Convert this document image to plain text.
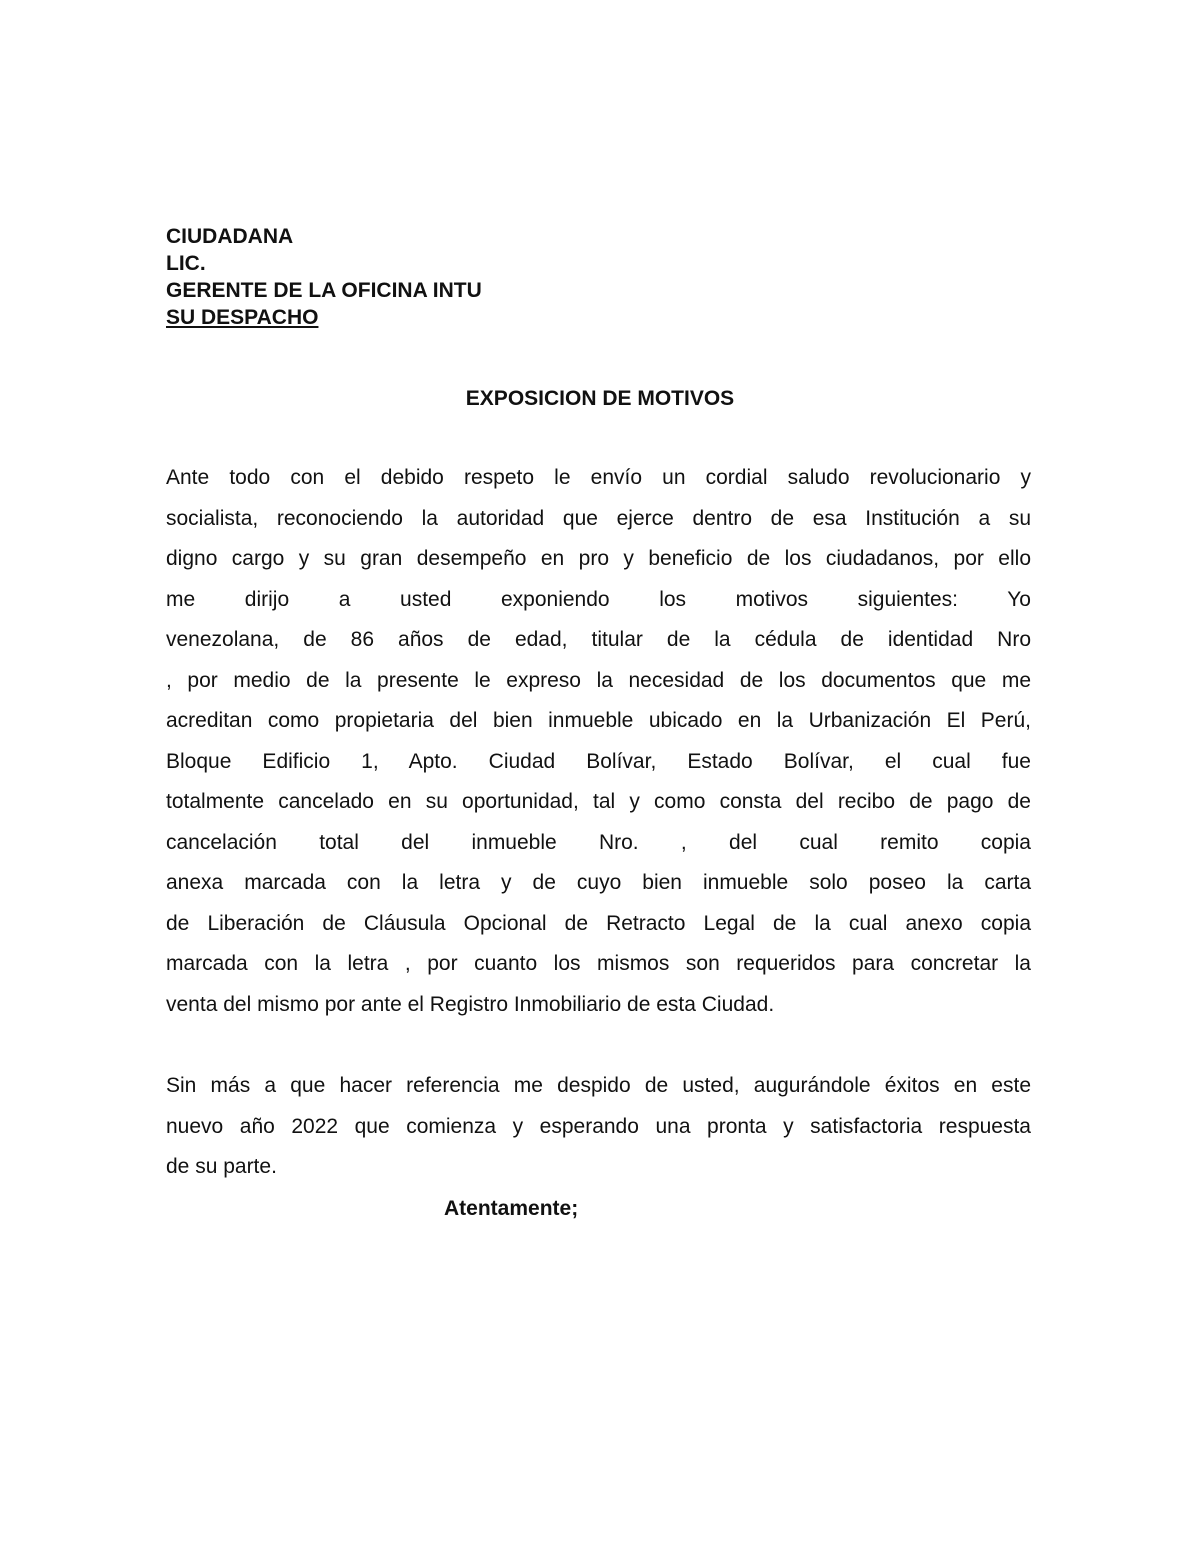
CIUDADANA
LIC.
GERENTE DE LA OFICINA INTU
SU DESPACHO
EXPOSICION DE MOTIVOS
Ante todo con el debido respeto le envío un cordial saludo revolucionario y
socialista, reconociendo la autoridad que ejerce dentro de esa Institución a su
digno cargo y su gran desempeño en pro y beneficio de los ciudadanos, por ello
me dirijo a usted exponiendo los motivos siguientes: Yo
venezolana, de 86 años de edad, titular de la cédula de identidad Nro
, por medio de la presente le expreso la necesidad de los documentos que me
acreditan como propietaria del bien inmueble ubicado en la Urbanización El Perú,
Bloque Edificio 1, Apto. Ciudad Bolívar, Estado Bolívar, el cual fue
totalmente cancelado en su oportunidad, tal y como consta del recibo de pago de
cancelación total del inmueble Nro. , del cual remito copia
anexa marcada con la letra y de cuyo bien inmueble solo poseo la carta
de Liberación de Cláusula Opcional de Retracto Legal de la cual anexo copia
marcada con la letra , por cuanto los mismos son requeridos para concretar la
venta del mismo por ante el Registro Inmobiliario de esta Ciudad.
Sin más a que hacer referencia me despido de usted, augurándole éxitos en este
nuevo año 2022 que comienza y esperando una pronta y satisfactoria respuesta
de su parte.
Atentamente;
